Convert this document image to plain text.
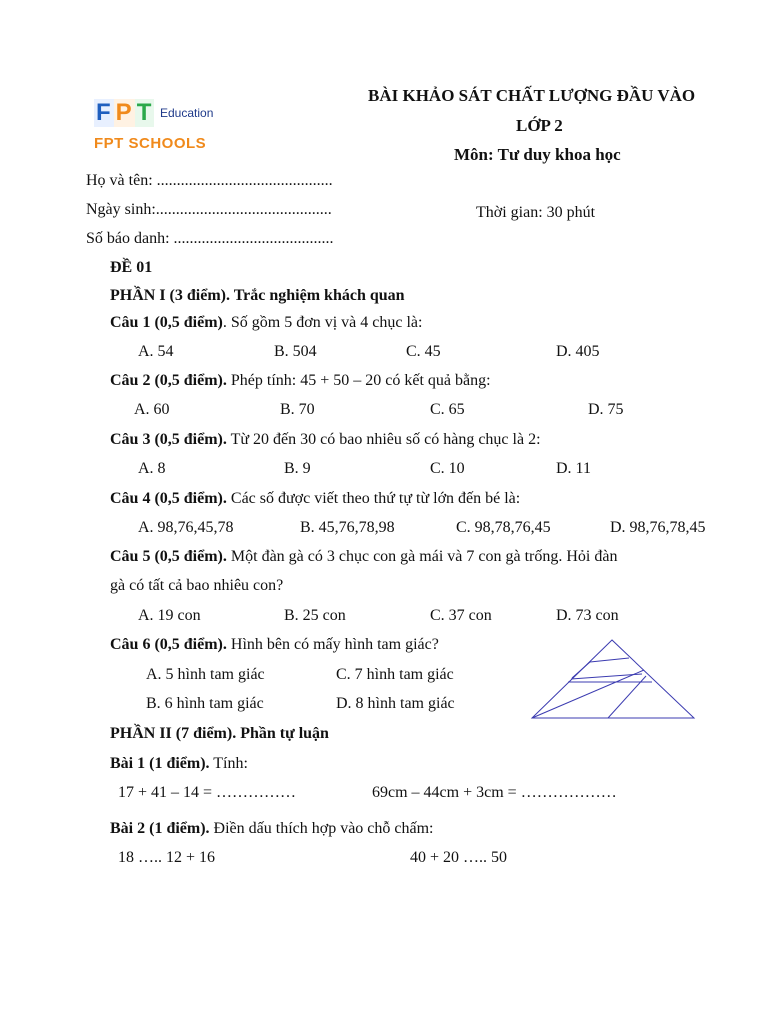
F P T Education
FPT SCHOOLS
BÀI KHẢO SÁT CHẤT LƯỢNG ĐẦU VÀO
LỚP 2
Môn: Tư duy khoa học
Thời gian: 30 phút
Họ và tên: ............................................
Ngày sinh:............................................
Số báo danh: ........................................
ĐỀ 01
PHẦN I (3 điểm). Trắc nghiệm khách quan
Câu 1 (0,5 điểm). Số gồm 5 đơn vị và 4 chục là:
A. 54	B. 504	C. 45	D. 405
Câu 2 (0,5 điểm). Phép tính: 45 + 50 – 20 có kết quả bằng:
A. 60	B. 70	C. 65	D. 75
Câu 3 (0,5 điểm). Từ 20 đến 30 có bao nhiêu số có hàng chục là 2:
A. 8	B. 9	C. 10	D. 11
Câu 4 (0,5 điểm). Các số được viết theo thứ tự từ lớn đến bé là:
A. 98,76,45,78	B. 45,76,78,98	C. 98,78,76,45	D. 98,76,78,45
Câu 5 (0,5 điểm). Một đàn gà có 3 chục con gà mái và 7 con gà trống. Hỏi đàn
gà có tất cả bao nhiêu con?
A. 19 con	B. 25 con	C. 37 con	D. 73 con
Câu 6 (0,5 điểm). Hình bên có mấy hình tam giác?
A. 5 hình tam giác	C. 7 hình tam giác
B. 6 hình tam giác	D. 8 hình tam giác
PHẦN II (7 điểm). Phần tự luận
Bài 1 (1 điểm). Tính:
17 + 41 – 14 = ……………	69cm – 44cm + 3cm = ………………
Bài 2 (1 điểm). Điền dấu thích hợp vào chỗ chấm:
18 ….. 12 + 16	40 + 20 ….. 50
